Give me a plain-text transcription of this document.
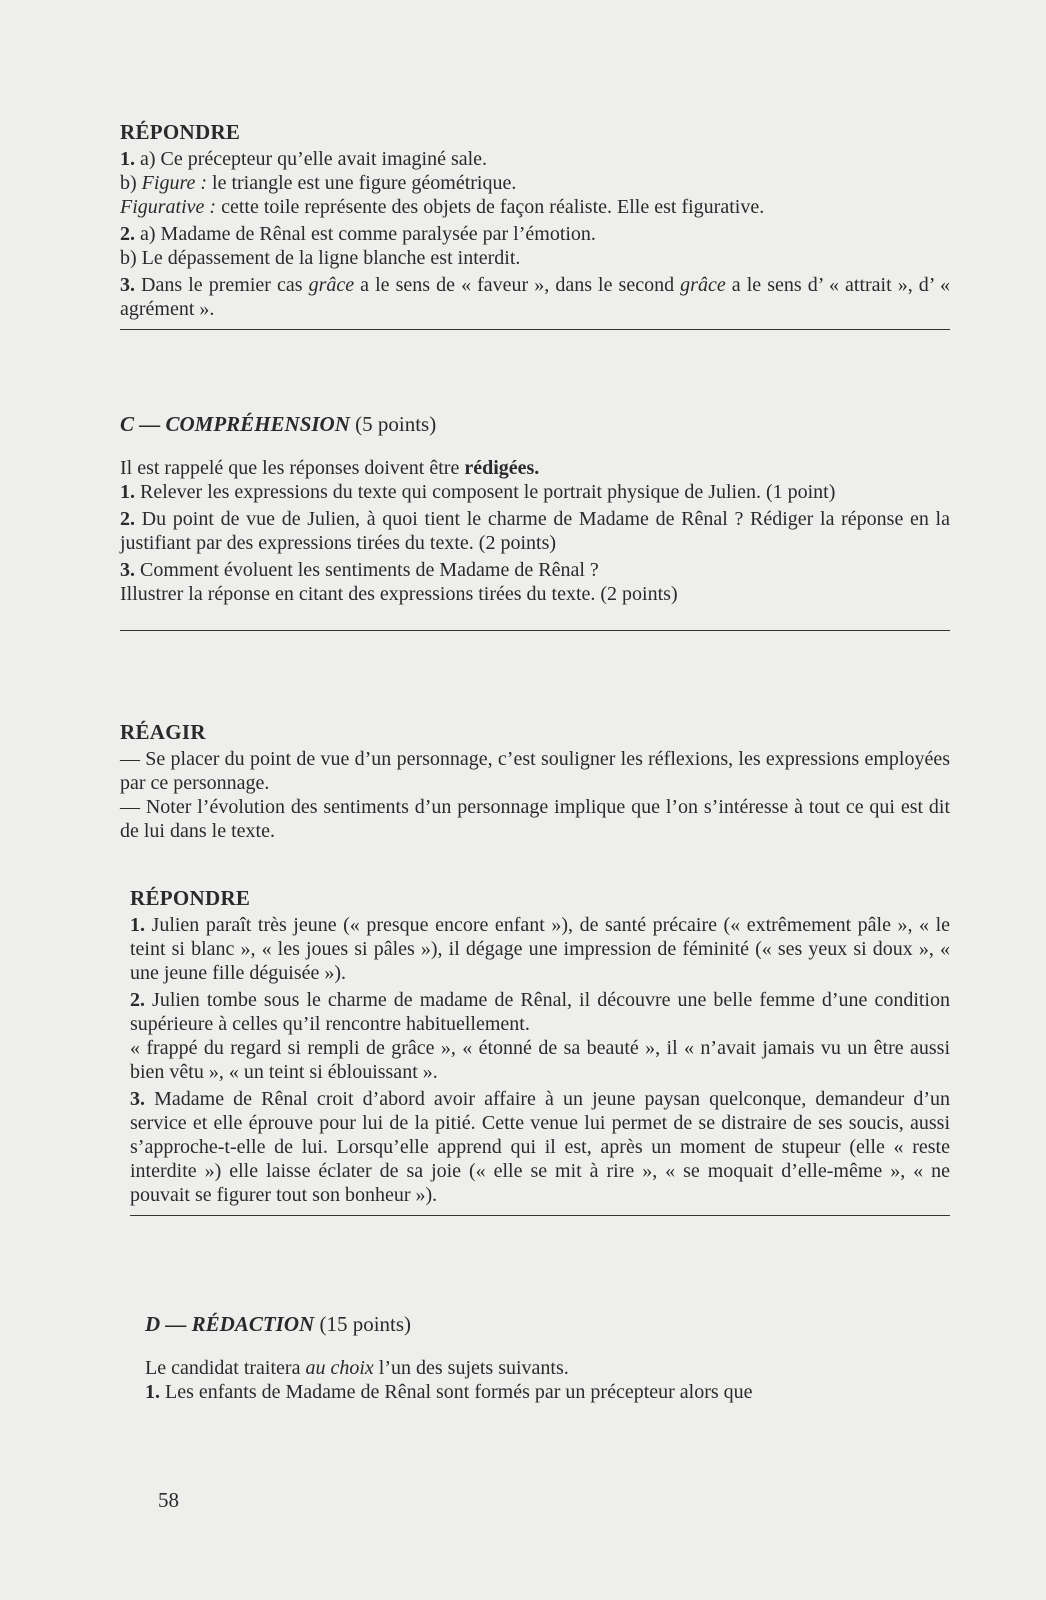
RÉPONDRE

1. a) Ce précepteur qu’elle avait imaginé sale.

b) Figure : le triangle est une figure géométrique.

Figurative : cette toile représente des objets de façon réaliste. Elle est figurative.

2. a) Madame de Rênal est comme paralysée par l’émotion.

b) Le dépassement de la ligne blanche est interdit.

3. Dans le premier cas grâce a le sens de « faveur », dans le second grâce a le sens d’ « attrait », d’ « agrément ».

C — COMPRÉHENSION (5 points)

Il est rappelé que les réponses doivent être rédigées.

1. Relever les expressions du texte qui composent le portrait physique de Julien. (1 point)

2. Du point de vue de Julien, à quoi tient le charme de Madame de Rênal ? Rédiger la réponse en la justifiant par des expressions tirées du texte. (2 points)

3. Comment évoluent les sentiments de Madame de Rênal ?

Illustrer la réponse en citant des expressions tirées du texte. (2 points)

RÉAGIR

— Se placer du point de vue d’un personnage, c’est souligner les réflexions, les expressions employées par ce personnage.

— Noter l’évolution des sentiments d’un personnage implique que l’on s’intéresse à tout ce qui est dit de lui dans le texte.

RÉPONDRE

1. Julien paraît très jeune (« presque encore enfant »), de santé précaire (« extrêmement pâle », « le teint si blanc », « les joues si pâles »), il dégage une impression de féminité (« ses yeux si doux », « une jeune fille déguisée »).

2. Julien tombe sous le charme de madame de Rênal, il découvre une belle femme d’une condition supérieure à celles qu’il rencontre habituellement.

« frappé du regard si rempli de grâce », « étonné de sa beauté », il « n’avait jamais vu un être aussi bien vêtu », « un teint si éblouissant ».

3. Madame de Rênal croit d’abord avoir affaire à un jeune paysan quelconque, demandeur d’un service et elle éprouve pour lui de la pitié. Cette venue lui permet de se distraire de ses soucis, aussi s’approche-t-elle de lui. Lorsqu’elle apprend qui il est, après un moment de stupeur (elle « reste interdite ») elle laisse éclater de sa joie (« elle se mit à rire », « se moquait d’elle-même », « ne pouvait se figurer tout son bonheur »).

D — RÉDACTION (15 points)

Le candidat traitera au choix l’un des sujets suivants.

1. Les enfants de Madame de Rênal sont formés par un précepteur alors que

58
